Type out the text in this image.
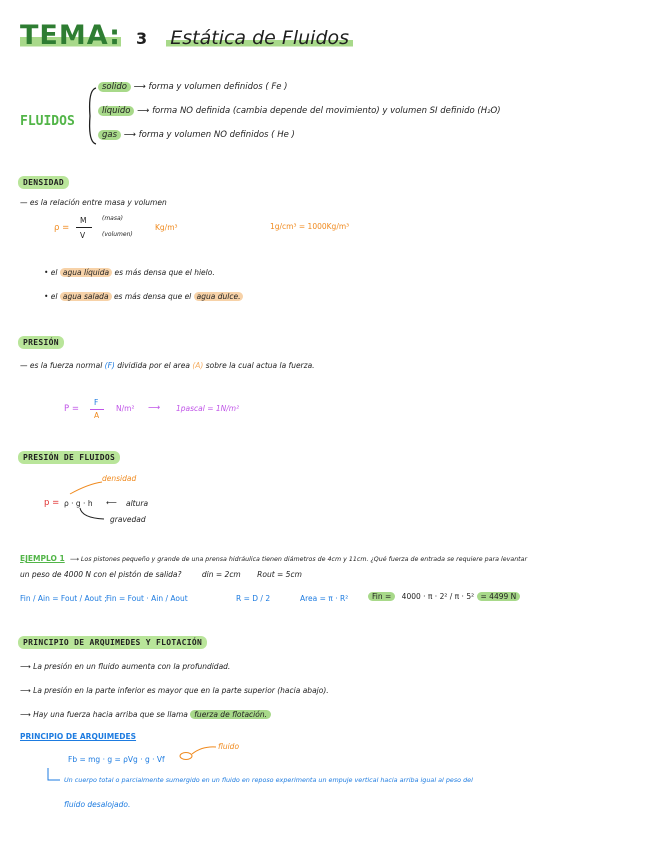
TEMA: 3 Estática de Fluidos
FLUIDOS
solido ⟶ forma y volumen definidos ( Fe )
líquido ⟶ forma NO definida (cambia depende del movimiento) y volumen SI definido (H₂O)
gas ⟶ forma y volumen NO definidos ( He )
DENSIDAD
— es la relación entre masa y volumen
ρ =
M
V
(masa)
(volumen)
Kg/m³	1g/cm³ = 1000Kg/m³
• el agua líquida es más densa que el hielo.
• el agua salada es más densa que el agua dulce.
PRESIÓN
— es la fuerza normal (F) dividida por el area (A) sobre la cual actua la fuerza.
P =
F
A
N/m² ⟶ 1pascal = 1N/m²
PRESIÓN DE FLUIDOS
densidad
p = ρ · g · h ⟵ altura
gravedad
EJEMPLO 1 ⟶ Los pistones pequeño y grande de una prensa hidráulica tienen diámetros de 4cm y 11cm. ¿Qué fuerza de entrada se requiere para levantar
un peso de 4000 N con el pistón de salida?	din = 2cm Rout = 5cm
Fin / Ain = Fout / Aout ; Fin = Fout · Ain / Aout	R = D / 2	Area = π · R²	Fin = 4000 · π · 2² / π · 5² = 4499 N
PRINCIPIO DE ARQUIMEDES Y FLOTACIÓN
⟶ La presión en un fluido aumenta con la profundidad.
⟶ La presión en la parte inferior es mayor que en la parte superior (hacia abajo).
⟶ Hay una fuerza hacia arriba que se llama fuerza de flotación.
PRINCIPIO DE ARQUIMEDES
Fb = mg · g = ρVg · g · Vf
fluido
Un cuerpo total o parcialmente sumergido en un fluido en reposo experimenta un empuje vertical hacia arriba igual al peso del
fluido desalojado.
